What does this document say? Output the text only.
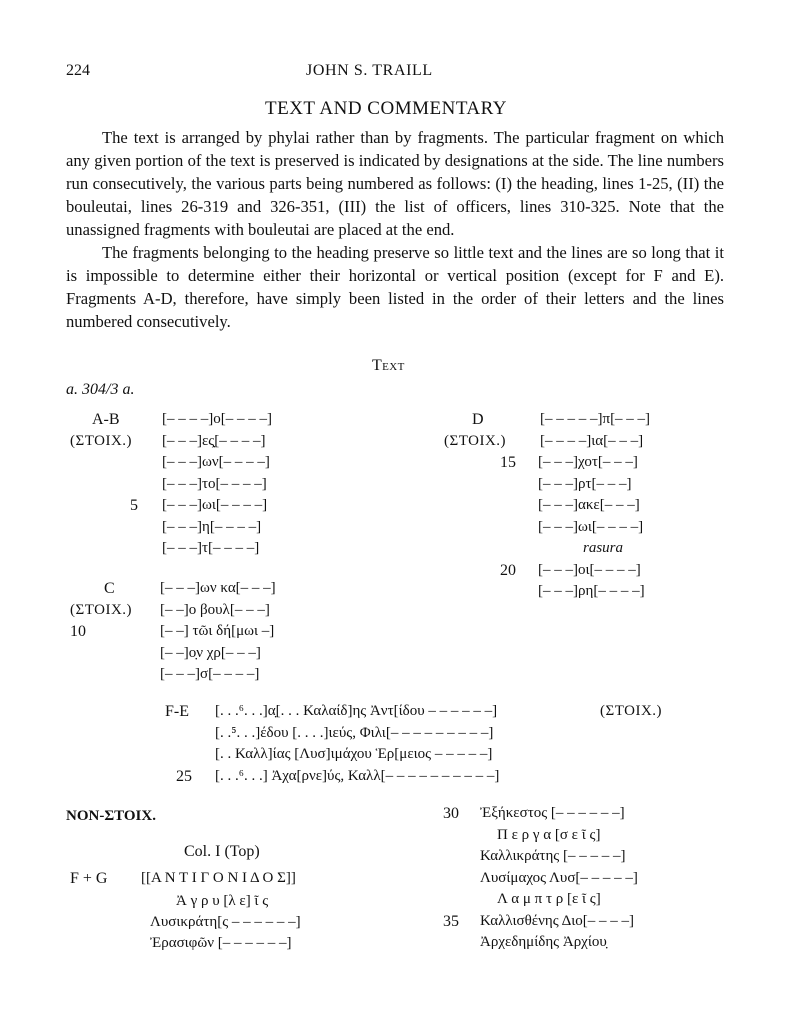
224	JOHN S. TRAILL
TEXT AND COMMENTARY

The text is arranged by phylai rather than by fragments. The particular fragment on which any given portion of the text is preserved is indicated by designations at the side. The line numbers run consecutively, the various parts being numbered as follows: (I) the heading, lines 1-25, (II) the bouleutai, lines 26-319 and 326-351, (III) the list of officers, lines 310-325. Note that the unassigned fragments with bouleutai are placed at the end.

The fragments belonging to the heading preserve so little text and the lines are so long that it is impossible to determine either their horizontal or vertical position (except for F and E). Fragments A-D, therefore, have simply been listed in the order of their letters and the lines numbered consecutively.

Text
a. 304/3 a.
A-B
(ΣΤΟΙΧ.)
[– – – –]ο[– – – –]
[– – –]ες̣[– – – –]
[– – –]ων[– – – –]
[– – –]το[– – – –]
[– – –]ωι[– – – –]
[– – –]η[– – – –]
[– – –]τ[– – – –]
5
C
(ΣΤΟΙΧ.)
[– – –]ων κα[– – –]
[– –]ο βουλ[– – –]
[– –] τῶι δή[μωι –]
[– –]ο̣ν χρ[– – –]
[– – –]σ[– – – –]
10
D
(ΣΤΟΙΧ.)
[– – – – –]π[– – –]
[– – – –]ια[– – –]
[– – –]χοτ[– – –]
[– – –]ρτ[– – –]
[– – –]ακε[– – –]
[– – –]ωι[– – – –]
rasura
[– – –]οι[– – – –]
[– – –]ρη[– – – –]
15
20
F-E	(ΣΤΟΙΧ.)
[. . .⁶. . .]α̣[. . . Καλαίδ]ης Ἀντ[ίδου – – – – – –]
[. .⁵. . .]έδου [. . . .]ιεύς, Φιλι[– – – – – – – – –]
[. . Καλλ]ίας [Λυσ]ιμάχου Ἑρ[μειος – – – – –]
[. . .⁶. . .] Ἀχα[ρνε]ύς, Καλλ[– – – – – – – – – –]
25
NON-ΣΤΟΙΧ.
Col. I (Top)
F + G [[Α Ν Τ Ι Γ Ο Ν Ι Δ Ο Σ]]
Ἀ γ ρ υ [λ ε] ῖ ς
Λυσικράτη[ς – – – – – –]
Ἐρασιφῶν [– – – – – –]
Ἐξήκεστος [– – – – – –]
Π ε ρ γ α [σ ε ῖ ς]
Καλλικράτης [– – – – –]
Λυσίμαχος Λυσ[– – – – –]
Λ α μ π τ ρ [ε ῖ ς]
Καλλισθένης Διο[– – – –]
Ἀρχεδημίδης Ἀρχίου̣
30
35
